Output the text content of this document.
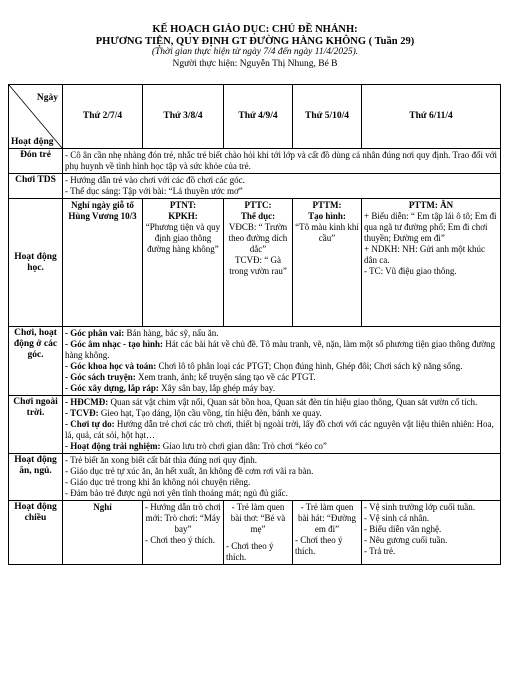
KẾ HOẠCH GIÁO DỤC: CHỦ ĐỀ NHÁNH:
PHƯƠNG TIỆN, QUY ĐỊNH GT ĐƯỜNG HÀNG KHÔNG ( Tuần 29)
(Thời gian thực hiện từ ngày 7/4 đến ngày 11/4/2025).
Người thực hiện: Nguyễn Thị Nhung, Bé B
Ngày
Hoạt động	Thứ 2/7/4	Thứ 3/8/4	Thứ 4/9/4	Thứ 5/10/4	Thứ 6/11/4
Đón trẻ	- Cô ân cần nhẹ nhàng đón trẻ, nhắc trẻ biết chào hỏi khi tới lớp và cất đồ dùng cá nhân đúng nơi quy định. Trao đổi với phụ huynh về tình hình học tập và sức khỏe của trẻ.				
Chơi TDS	- Hướng dẫn trẻ vào chơi với các đồ chơi các góc.
- Thể dục sáng: Tập với bài: “Lá thuyền ước mơ”				

Hoạt động học.	Nghỉ ngày giỗ tổ Hùng Vương 10/3	PTNT:
KPKH:
“Phương tiện và quy định giao thông đường hàng không”	PTTC:
Thể dục:
VĐCB: “ Trườn theo đường dích dắc”
TCVĐ: “ Gà trong vườn rau”	PTTM:
Tạo hình:
“Tô màu kinh khí cầu”	PTTM: ÂN
+ Biểu diễn: “ Em tập lái ô tô; Em đi qua ngã tư đường phố; Em đi chơi thuyền; Đường em đi”
+ NDKH: NH: Gửi anh một khúc dân ca.
- TC: Vũ điệu giao thông.

Chơi, hoạt động ở các góc.	- Góc phân vai: Bán hàng, bác sỹ, nấu ăn.
- Góc âm nhạc - tạo hình: Hát các bài hát về chủ đề. Tô màu tranh, vẽ, nặn, làm một số phương tiện giao thông đường hàng không.
- Góc khoa học và toán: Chơi lô tô phân loại các PTGT; Chọn đúng hình, Ghép đôi; Chơi sách kỹ năng sống.
- Góc sách truyện: Xem tranh, ảnh; kể truyện sáng tạo về các PTGT.
- Góc xây dựng, lắp ráp: Xây sân bay, lắp ghép máy bay.				

Chơi ngoài trời.	- HĐCMĐ: Quan sát vật chìm vật nổi, Quan sát bồn hoa, Quan sát đèn tín hiệu giao thông, Quan sát vườn cổ tích.
- TCVĐ: Gieo hạt, Tạo dáng, lộn cầu vồng, tín hiệu đèn, bánh xe quay.
- Chơi tự do: Hướng dẫn trẻ chơi các trò chơi, thiết bị ngoài trời, lấy đồ chơi với các nguyên vật liệu thiên nhiên: Hoa, lá, quả, cát sỏi, hột hạt…
- Hoạt động trải nghiệm: Giao lưu trò chơi gian dân: Trò chơi “kéo co”				

Hoạt động ăn, ngủ.	- Trẻ biết ăn xong biết cất bát thìa đúng nơi quy định.
- Giáo dục trẻ tự xúc ăn, ăn hết xuất, ăn không đề cơm rơi vãi ra bàn.
- Giáo dục trẻ trong khi ăn không nói chuyện riêng.
- Đảm bảo trẻ được ngủ nơi yên tĩnh thoáng mát; ngủ đủ giấc.				

Hoạt động chiều	Nghỉ	- Hướng dẫn trò chơi mới: Trò chơi: “Máy bay”
- Chơi theo ý thích.	- Trẻ làm quen bài thơ: “Bé và mẹ”
- Chơi theo ý thích.	- Trẻ làm quen bài hát: “Đường em đi”
- Chơi theo ý thích.	- Vệ sinh trường lớp cuối tuần.
- Vệ sinh cá nhân.
- Biểu diễn văn nghệ.
- Nêu gương cuối tuần.
- Trả trẻ.
